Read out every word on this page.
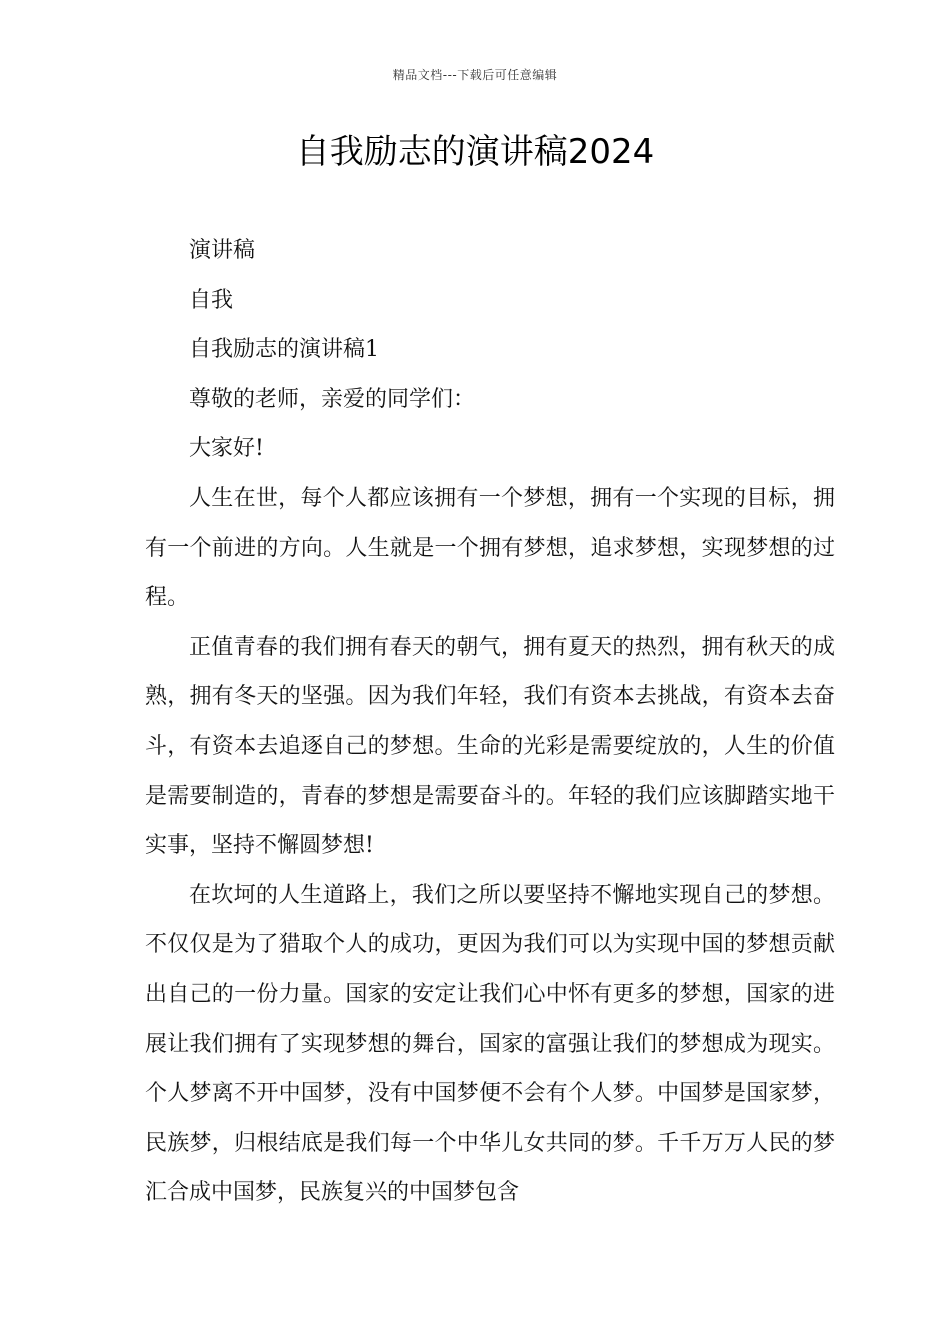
精品文档---下载后可任意编辑
自我励志的演讲稿2024

演讲稿

自我

自我励志的演讲稿1

尊敬的老师，亲爱的同学们：

大家好!

人生在世，每个人都应该拥有一个梦想，拥有一个实现的目标，拥有一个前进的方向。人生就是一个拥有梦想，追求梦想，实现梦想的过程。

正值青春的我们拥有春天的朝气，拥有夏天的热烈，拥有秋天的成熟，拥有冬天的坚强。因为我们年轻，我们有资本去挑战，有资本去奋斗，有资本去追逐自己的梦想。生命的光彩是需要绽放的，人生的价值是需要制造的，青春的梦想是需要奋斗的。年轻的我们应该脚踏实地干实事，坚持不懈圆梦想!

在坎坷的人生道路上，我们之所以要坚持不懈地实现自己的梦想。不仅仅是为了猎取个人的成功，更因为我们可以为实现中国的梦想贡献出自己的一份力量。国家的安定让我们心中怀有更多的梦想，国家的进展让我们拥有了实现梦想的舞台，国家的富强让我们的梦想成为现实。个人梦离不开中国梦，没有中国梦便不会有个人梦。中国梦是国家梦，民族梦，归根结底是我们每一个中华儿女共同的梦。千千万万人民的梦汇合成中国梦，民族复兴的中国梦包含
